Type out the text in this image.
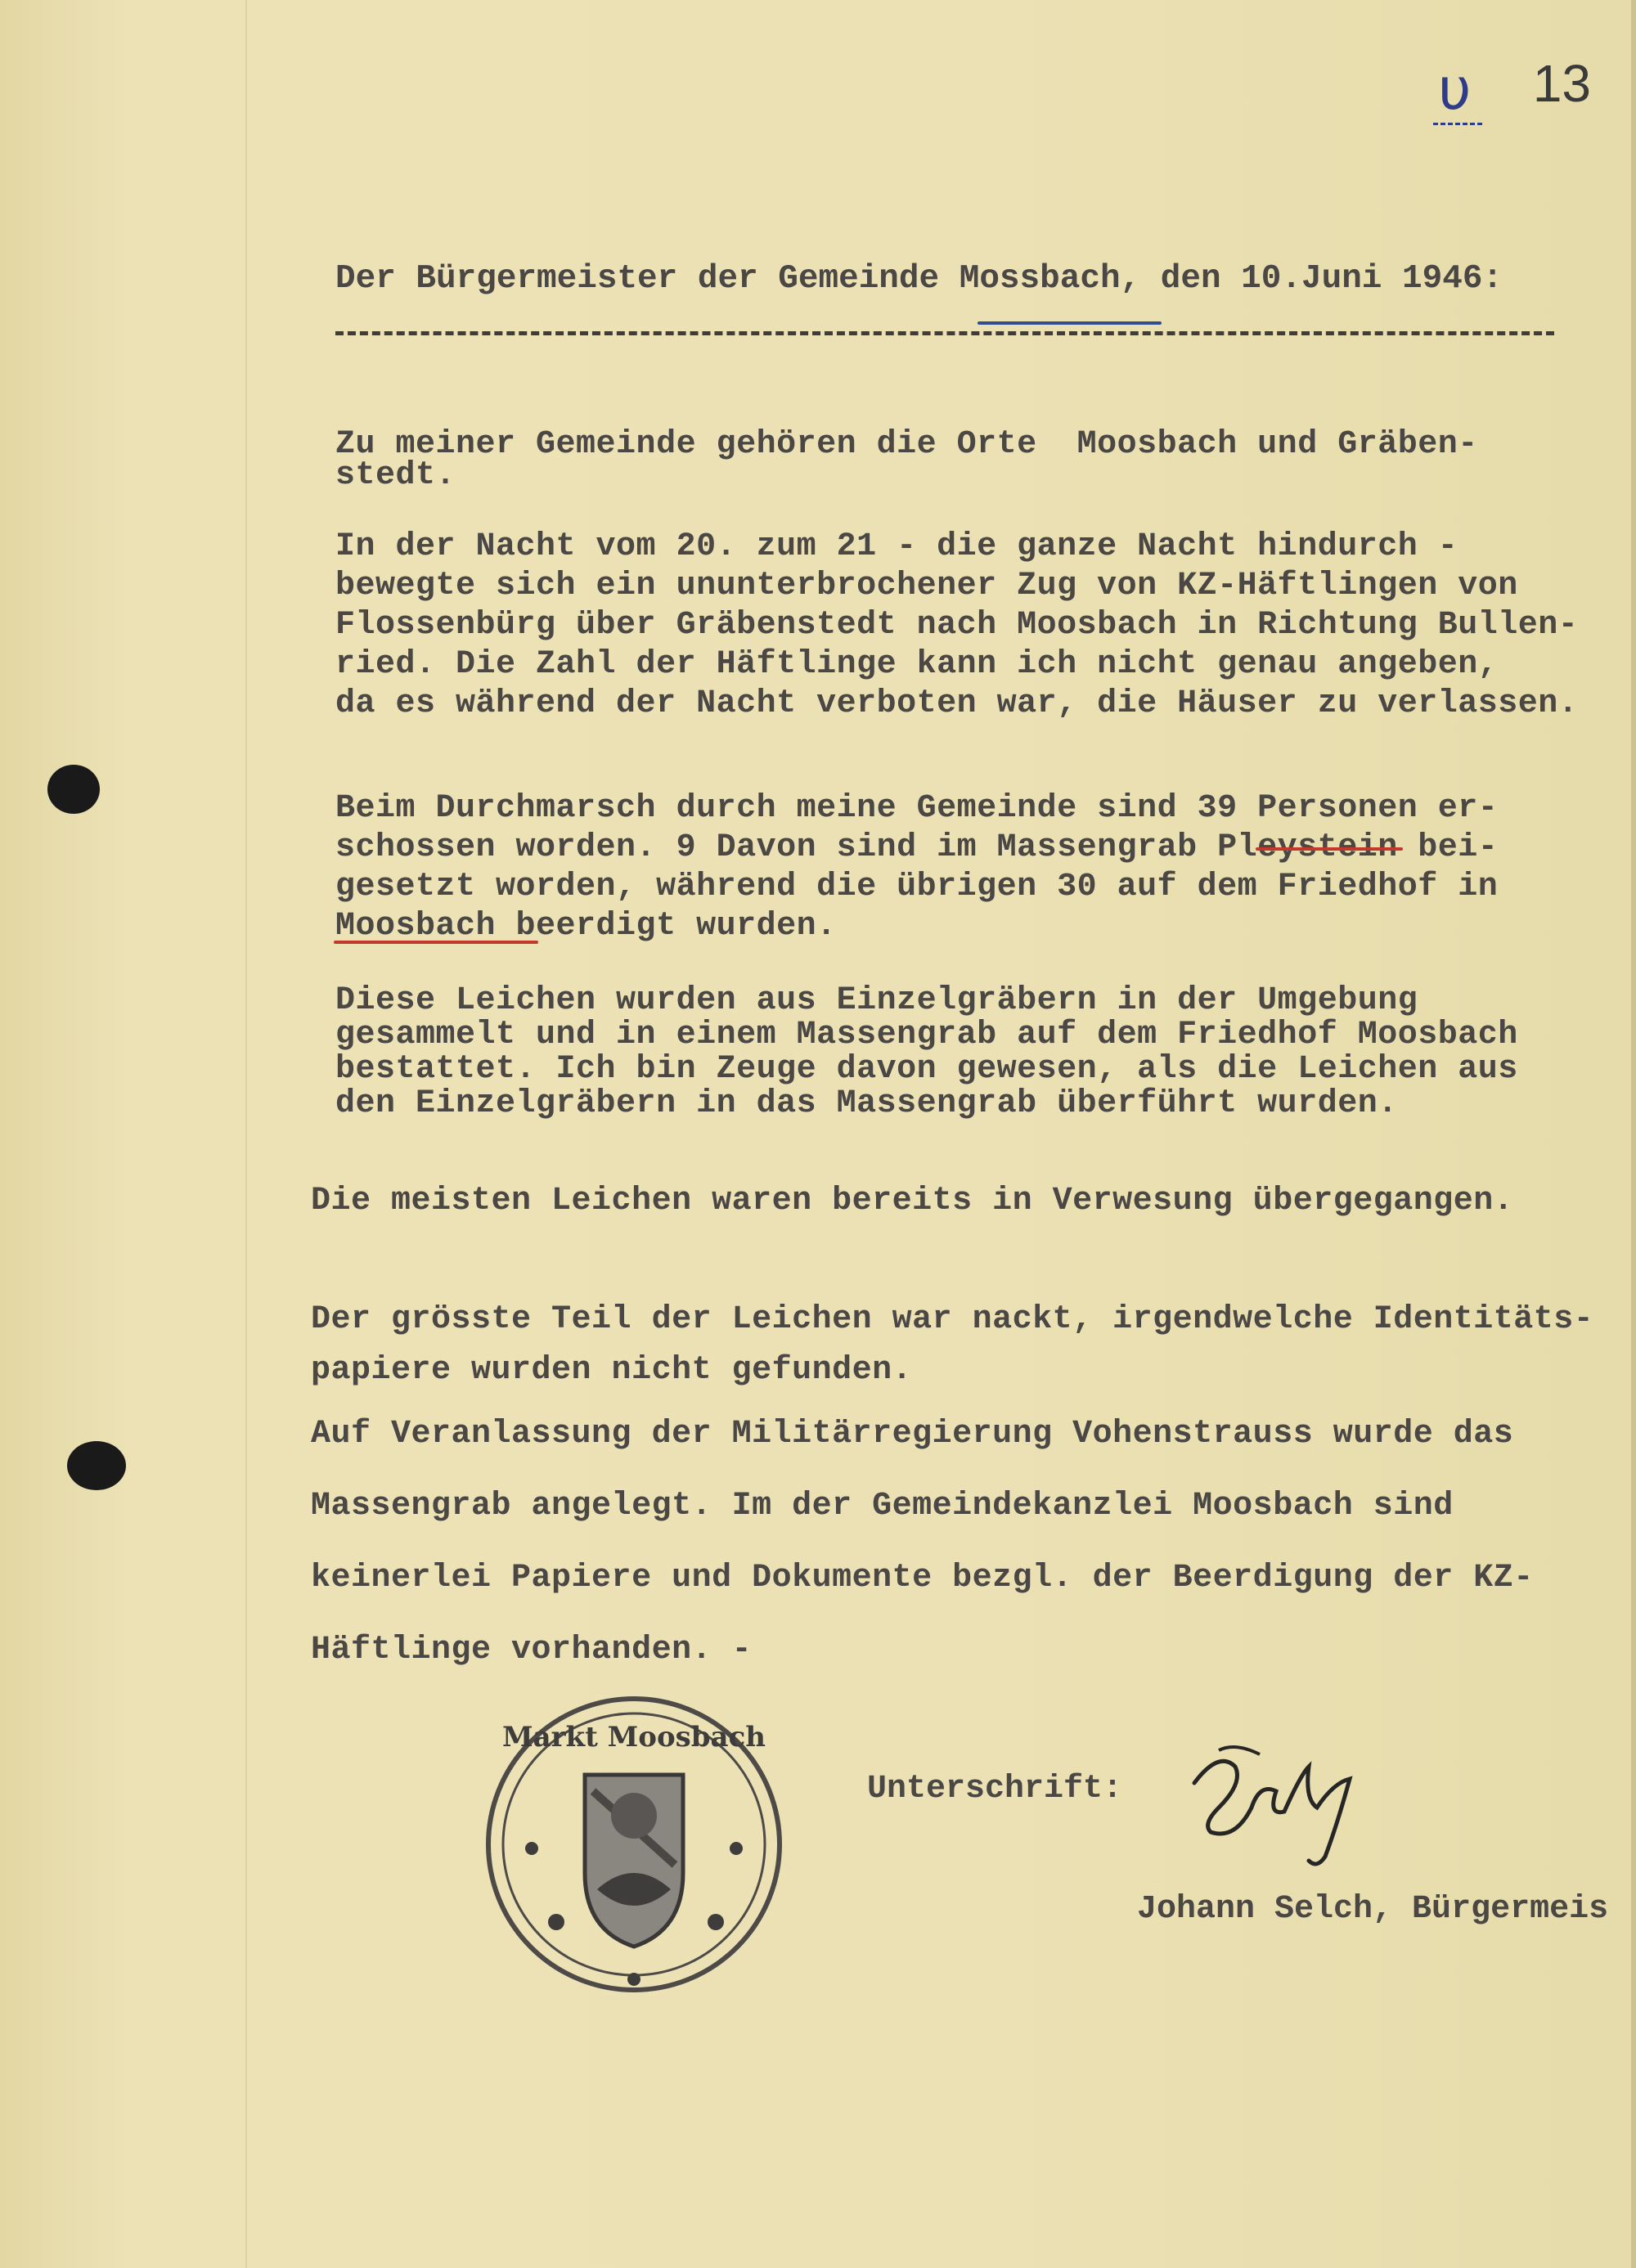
υ 13
Der Bürgermeister der Gemeinde Mossbach, den 10.Juni 1946:
Zu meiner Gemeinde gehören die Orte  Moosbach und Gräben-
stedt.
In der Nacht vom 20. zum 21 - die ganze Nacht hindurch -
bewegte sich ein ununterbrochener Zug von KZ-Häftlingen von
Flossenbürg über Gräbenstedt nach Moosbach in Richtung Bullen-
ried. Die Zahl der Häftlinge kann ich nicht genau angeben,
da es während der Nacht verboten war, die Häuser zu verlassen.
Beim Durchmarsch durch meine Gemeinde sind 39 Personen er-
schossen worden. 9 Davon sind im Massengrab Pleystein bei-
gesetzt worden, während die übrigen 30 auf dem Friedhof in
Moosbach beerdigt wurden.
Diese Leichen wurden aus Einzelgräbern in der Umgebung
gesammelt und in einem Massengrab auf dem Friedhof Moosbach
bestattet. Ich bin Zeuge davon gewesen, als die Leichen aus
den Einzelgräbern in das Massengrab überführt wurden.
Die meisten Leichen waren bereits in Verwesung übergegangen.
Der grösste Teil der Leichen war nackt, irgendwelche Identitäts-
papiere wurden nicht gefunden.
Auf Veranlassung der Militärregierung Vohenstrauss wurde das
Massengrab angelegt. Im der Gemeindekanzlei Moosbach sind
keinerlei Papiere und Dokumente bezgl. der Beerdigung der KZ-
Häftlinge vorhanden. -
Markt Moosbach
Unterschrift:
Johann Selch, Bürgermeis
